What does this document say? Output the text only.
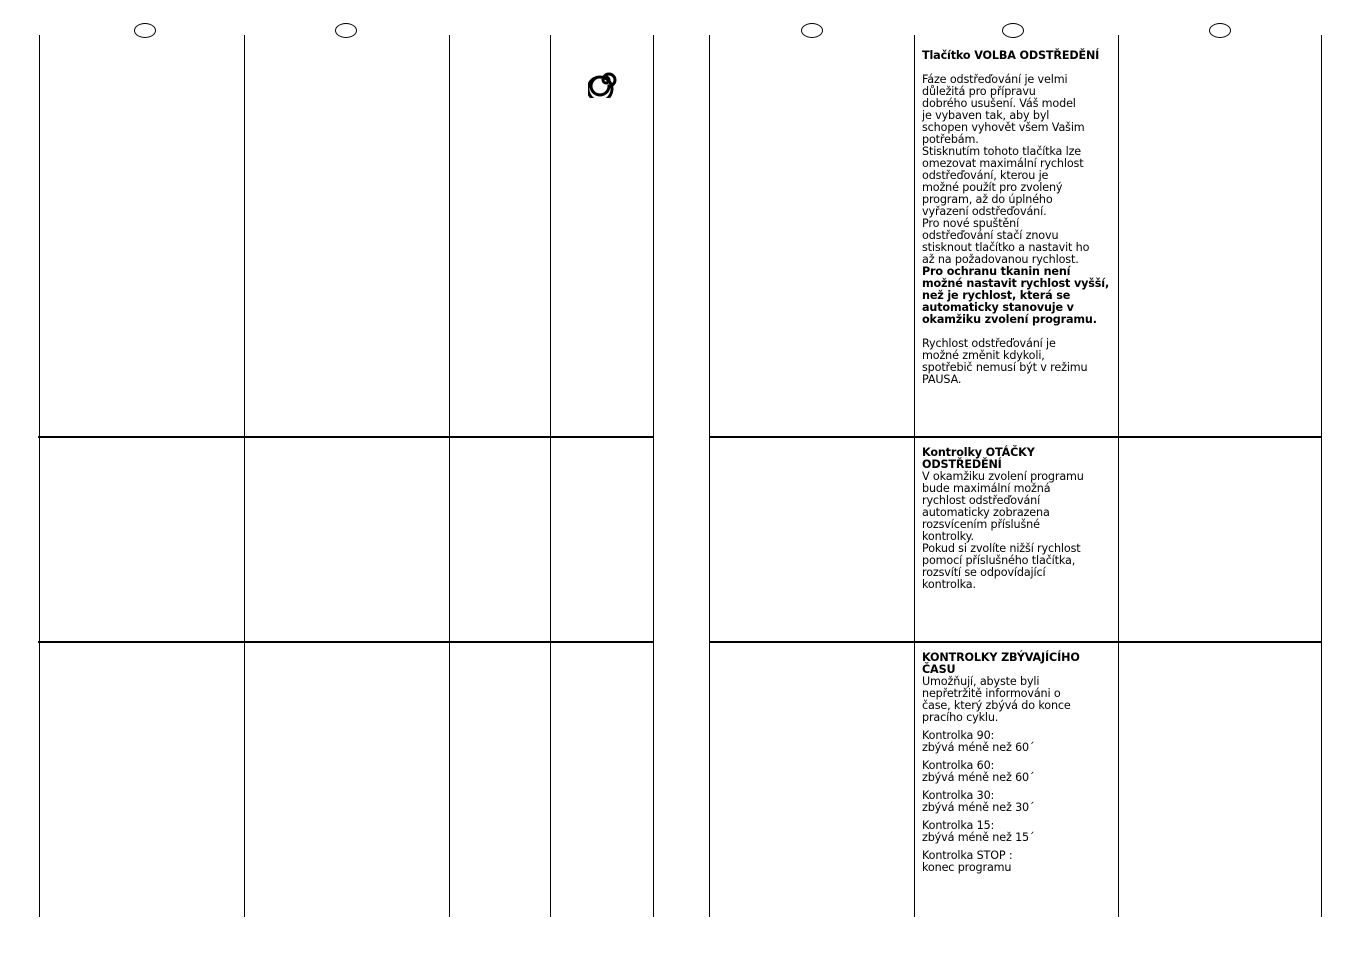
Tlačítko VOLBA ODSTŘEDĚNÍ

Fáze odstřeďování je velmi
důležitá pro přípravu
dobrého usušení. Váš model
je vybaven tak, aby byl
schopen vyhovět všem Vašim
potřebám.
Stisknutím tohoto tlačítka lze
omezovat maximální rychlost
odstřeďování, kterou je
možné použít pro zvolený
program, až do úplného
vyřazení odstřeďování.
Pro nové spuštění
odstřeďování stačí znovu
stisknout tlačítko a nastavit ho
až na požadovanou rychlost.

Pro ochranu tkanin není
možné nastavit rychlost vyšší,
než je rychlost, která se
automaticky stanovuje v
okamžiku zvolení programu.

Rychlost odstřeďování je
možné změnit kdykoli,
spotřebič nemusí být v režimu
PAUSA.

Kontrolky OTÁČKY
ODSTŘEDĚNÍ

V okamžiku zvolení programu
bude maximální možná
rychlost odstřeďování
automaticky zobrazena
rozsvícením příslušné
kontrolky.
Pokud si zvolíte nižší rychlost
pomocí příslušného tlačítka,
rozsvítí se odpovídající
kontrolka.

KONTROLKY ZBÝVAJÍCÍHO
ČASU

Umožňují, abyste byli
nepřetržitě informováni o
čase, který zbývá do konce
pracího cyklu.

Kontrolka 90:
zbývá méně než 60´

Kontrolka 60:
zbývá méně než 60´

Kontrolka 30:
zbývá méně než 30´

Kontrolka 15:
zbývá méně než 15´

Kontrolka STOP :
konec programu
